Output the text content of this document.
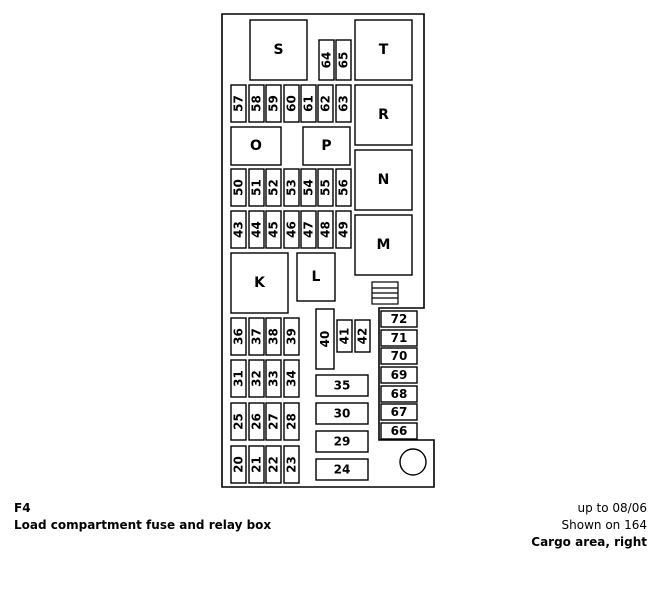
S	T
R
O	P
N
M
K	L
64 65
57 58 59 60 61 62 63
50 51 52 53 54 55 56
43 44 45 46 47 48 49
36 37 38 39 40 41 42
31 32 33 34
25 26 27 28
20 21 22 23
35
30
29
24
72
71
70
69
68
67
66
F4
Load compartment fuse and relay box
up to 08/06
Shown on 164
Cargo area, right
